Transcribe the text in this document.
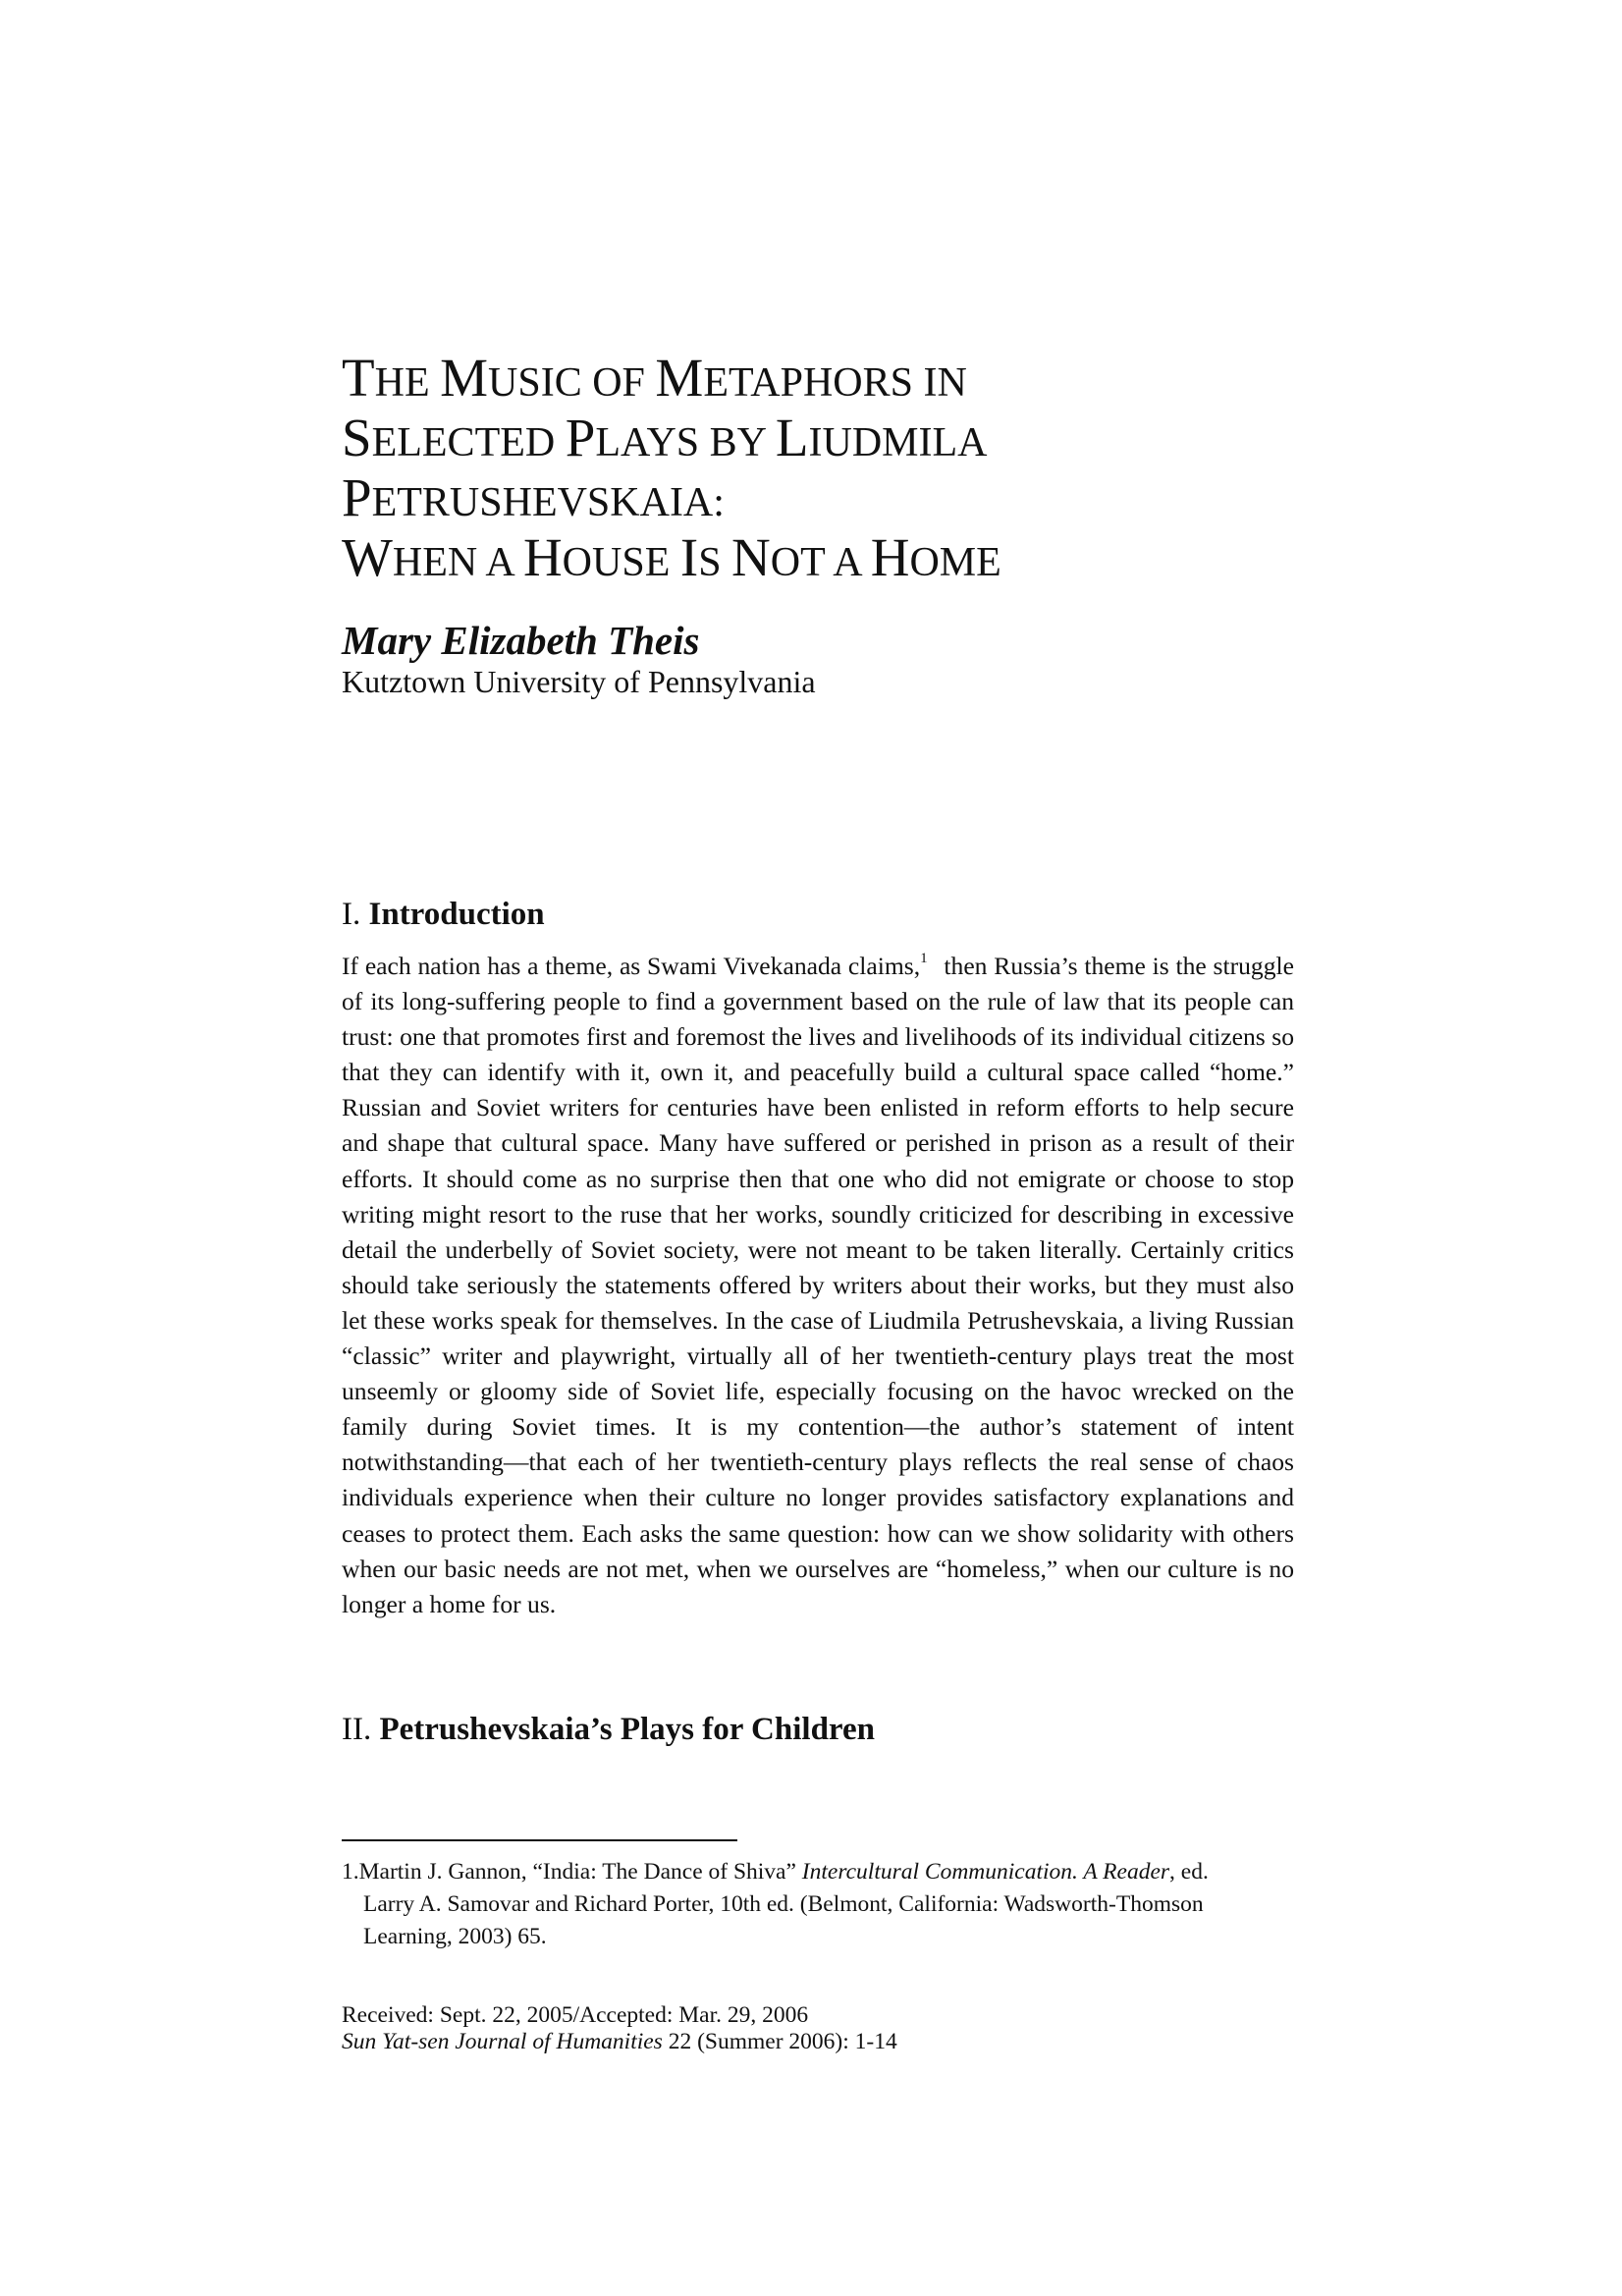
THE MUSIC OF METAPHORS IN
SELECTED PLAYS BY LIUDMILA
PETRUSHEVSKAIA:
WHEN A HOUSE IS NOT A HOME

Mary Elizabeth Theis

Kutztown University of Pennsylvania

I. Introduction

If each nation has a theme, as Swami Vivekanada claims,$^1$ then Russia’s theme is the struggle of its long-suffering people to find a government based on the rule of law that its people can trust: one that promotes first and foremost the lives and livelihoods of its individual citizens so that they can identify with it, own it, and peacefully build a cultural space called “home.” Russian and Soviet writers for centuries have been enlisted in reform efforts to help secure and shape that cultural space. Many have suffered or perished in prison as a result of their efforts. It should come as no surprise then that one who did not emigrate or choose to stop writing might resort to the ruse that her works, soundly criticized for describing in excessive detail the underbelly of Soviet society, were not meant to be taken literally. Certainly critics should take seriously the statements offered by writers about their works, but they must also let these works speak for themselves. In the case of Liudmila Petrushevskaia, a living Russian “classic” writer and playwright, virtually all of her twentieth-century plays treat the most unseemly or gloomy side of Soviet life, especially focusing on the havoc wrecked on the family during Soviet times. It is my contention—the author’s statement of intent notwithstanding—that each of her twentieth-century plays reflects the real sense of chaos individuals experience when their culture no longer provides satisfactory explanations and ceases to protect them. Each asks the same question: how can we show solidarity with others when our basic needs are not met, when we ourselves are “homeless,” when our culture is no longer a home for us.

II. Petrushevskaia’s Plays for Children

1.Martin J. Gannon, “India: The Dance of Shiva” Intercultural Communication. A Reader, ed.
Larry A. Samovar and Richard Porter, 10th ed. (Belmont, California: Wadsworth-Thomson Learning, 2003) 65.

Received: Sept. 22, 2005/Accepted: Mar. 29, 2006

Sun Yat-sen Journal of Humanities 22 (Summer 2006): 1-14
